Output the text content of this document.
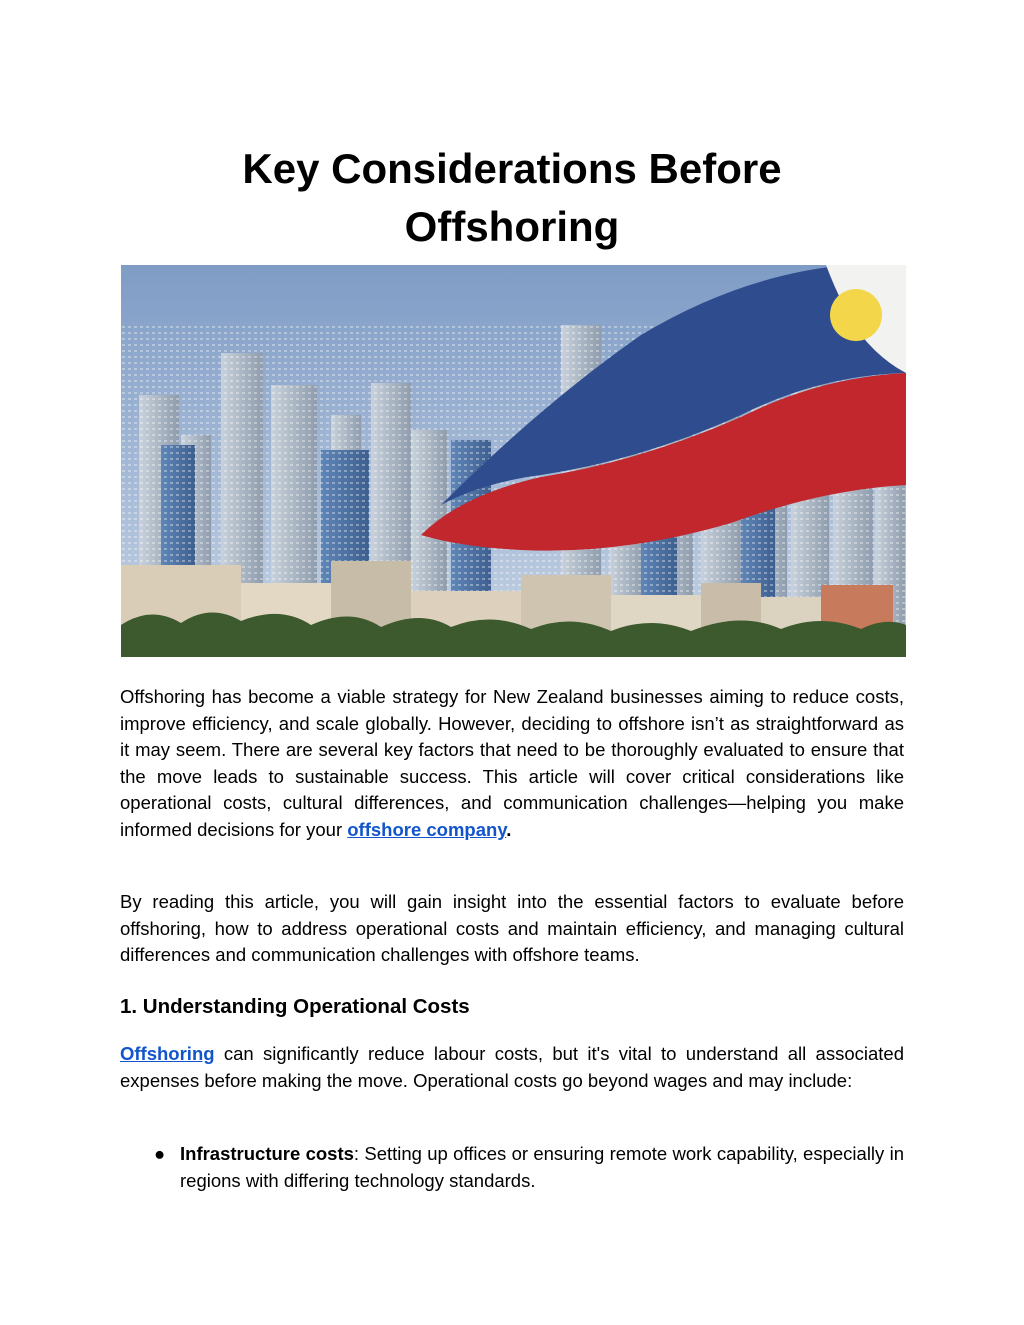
Key Considerations Before
Offshoring

Offshoring has become a viable strategy for New Zealand businesses aiming to reduce costs, improve efficiency, and scale globally. However, deciding to offshore isn’t as straightforward as it may seem. There are several key factors that need to be thoroughly evaluated to ensure that the move leads to sustainable success. This article will cover critical considerations like operational costs, cultural differences, and communication challenges—helping you make informed decisions for your offshore company.

By reading this article, you will gain insight into the essential factors to evaluate before offshoring, how to address operational costs and maintain efficiency, and managing cultural differences and communication challenges with offshore teams.

1. Understanding Operational Costs

Offshoring can significantly reduce labour costs, but it's vital to understand all associated expenses before making the move. Operational costs go beyond wages and may include:

● Infrastructure costs: Setting up offices or ensuring remote work capability, especially in regions with differing technology standards.
